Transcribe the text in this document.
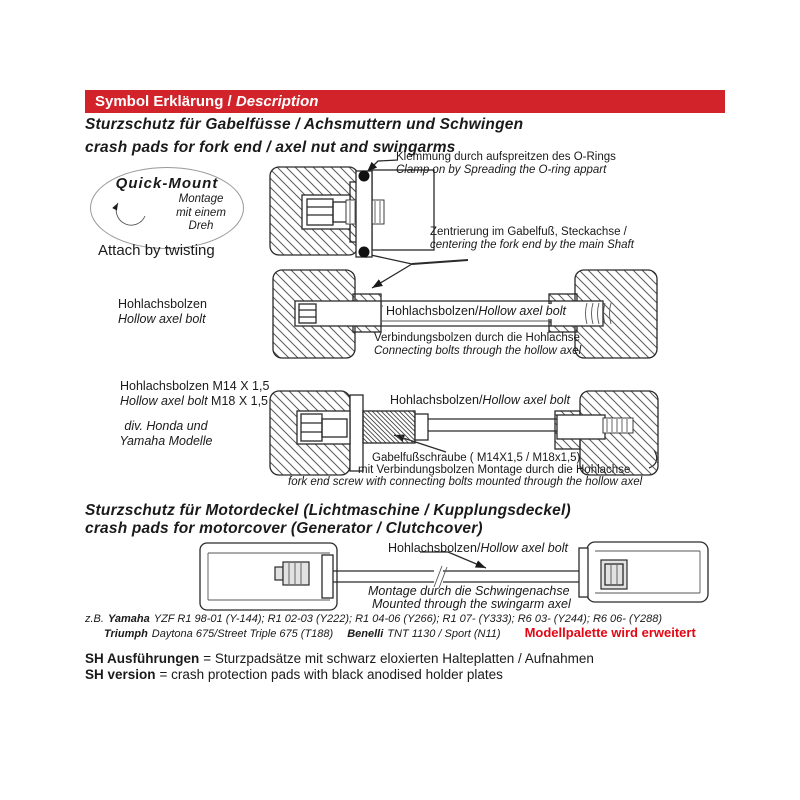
Symbol Erklärung / Description
Sturzschutz für Gabelfüsse / Achsmuttern und Schwingen
crash pads for fork end / axel nut and swingarms
Klemmung durch aufspreitzen des O-Rings
Clamp on by Spreading the O-ring appart
Quick-Mount
Montage
mit einem
Dreh
Attach by twisting
Zentrierung im Gabelfuß, Steckachse /
centering the fork end by the main Shaft
Hohlachsbolzen
Hollow axel bolt
Hohlachsbolzen/Hollow axel bolt
Verbindungsbolzen durch die Hohlachse
Connecting bolts through the hollow axel
Hohlachsbolzen M14 X 1,5
Hollow axel bolt M18 X 1,5
div. Honda und
Yamaha Modelle
Hohlachsbolzen/Hollow axel bolt
Gabelfußschraube ( M14X1,5 / M18x1,5)
mit Verbindungsbolzen Montage durch die Hohlachse
fork end screw with connecting bolts mounted through the hollow axel
Sturzschutz für Motordeckel (Lichtmaschine / Kupplungsdeckel)
crash pads for motorcover (Generator / Clutchcover)
Hohlachsbolzen/Hollow axel bolt
Montage durch die Schwingenachse
Mounted through the swingarm axel
z.B. Yamaha YZF R1 98-01 (Y-144); R1 02-03 (Y222); R1 04-06 (Y266); R1 07- (Y333); R6 03- (Y244); R6 06- (Y288)
Triumph Daytona 675/Street Triple 675 (T188) Benelli TNT 1130 / Sport (N11) Modellpalette wird erweitert
SH Ausführungen = Sturzpadsätze mit schwarz eloxierten Halteplatten / Aufnahmen
SH version = crash protection pads with black anodised holder plates
